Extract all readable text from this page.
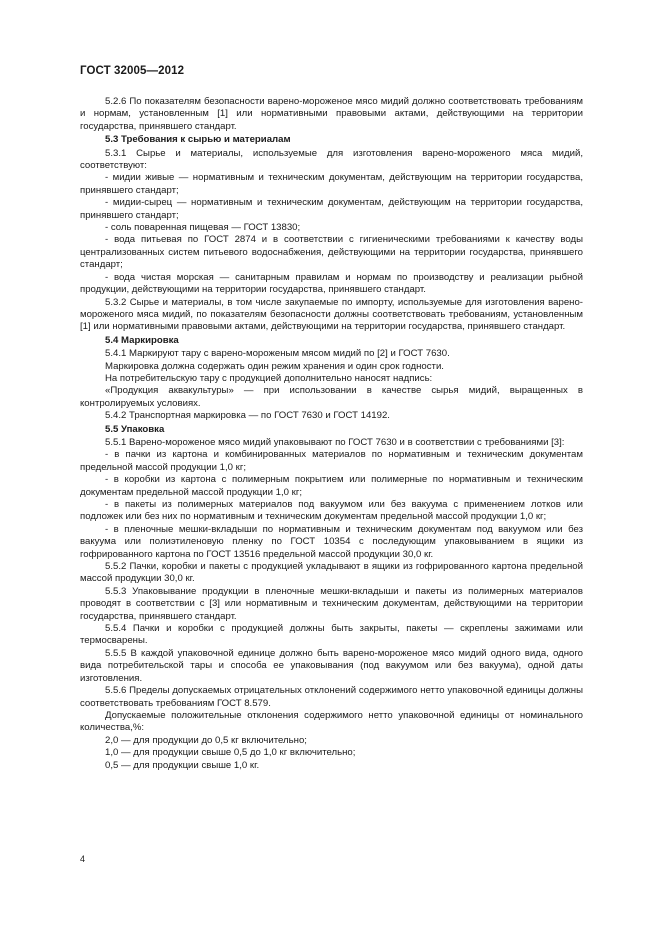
ГОСТ 32005—2012

5.2.6 По показателям безопасности варено-мороженое мясо мидий должно соответствовать требованиям и нормам, установленным [1] или нормативными правовыми актами, действующими на территории государства, принявшего стандарт.

5.3 Требования к сырью и материалам

5.3.1 Сырье и материалы, используемые для изготовления варено-мороженого мяса мидий, соответствуют:

- мидии живые — нормативным и техническим документам, действующим на территории государства, принявшего стандарт;

- мидии-сырец — нормативным и техническим документам, действующим на территории государства, принявшего стандарт;

- соль поваренная пищевая — ГОСТ 13830;

- вода питьевая по ГОСТ 2874 и в соответствии с гигиеническими требованиями к качеству воды централизованных систем питьевого водоснабжения, действующими на территории государства, принявшего стандарт;

- вода чистая морская — санитарным правилам и нормам по производству и реализации рыбной продукции, действующими на территории государства, принявшего стандарт.

5.3.2 Сырье и материалы, в том числе закупаемые по импорту, используемые для изготовления варено-мороженого мяса мидий, по показателям безопасности должны соответствовать требованиям, установленным [1] или нормативными правовыми актами, действующими на территории государства, принявшего стандарт.

5.4 Маркировка

5.4.1 Маркируют тару с варено-мороженым мясом мидий по [2] и ГОСТ 7630.

Маркировка должна содержать один режим хранения и один срок годности.

На потребительскую тару с продукцией дополнительно наносят надпись:

«Продукция аквакультуры» — при использовании в качестве сырья мидий, выращенных в контролируемых условиях.

5.4.2 Транспортная маркировка — по ГОСТ 7630 и ГОСТ 14192.

5.5 Упаковка

5.5.1 Варено-мороженое мясо мидий упаковывают по ГОСТ 7630 и в соответствии с требованиями [3]:

- в пачки из картона и комбинированных материалов по нормативным и техническим документам предельной массой продукции 1,0 кг;

- в коробки из картона с полимерным покрытием или полимерные по нормативным и техническим документам предельной массой продукции 1,0 кг;

- в пакеты из полимерных материалов под вакуумом или без вакуума с применением лотков или подложек или без них по нормативным и техническим документам предельной массой продукции 1,0 кг;

- в пленочные мешки-вкладыши по нормативным и техническим документам под вакуумом или без вакуума или полиэтиленовую пленку по ГОСТ 10354 с последующим упаковыванием в ящики из гофрированного картона по ГОСТ 13516 предельной массой продукции 30,0 кг.

5.5.2 Пачки, коробки и пакеты с продукцией укладывают в ящики из гофрированного картона предельной массой продукции 30,0 кг.

5.5.3 Упаковывание продукции в пленочные мешки-вкладыши и пакеты из полимерных материалов проводят в соответствии с [3] или нормативным и техническим документам, действующими на территории государства, принявшего стандарт.

5.5.4 Пачки и коробки с продукцией должны быть закрыты, пакеты — скреплены зажимами или термосварены.

5.5.5 В каждой упаковочной единице должно быть варено-мороженое мясо мидий одного вида, одного вида потребительской тары и способа ее упаковывания (под вакуумом или без вакуума), одной даты изготовления.

5.5.6 Пределы допускаемых отрицательных отклонений содержимого нетто упаковочной единицы должны соответствовать требованиям ГОСТ 8.579.

Допускаемые положительные отклонения содержимого нетто упаковочной единицы от номинального количества,%:

2,0 — для продукции до 0,5 кг включительно;

1,0 — для продукции свыше 0,5 до 1,0 кг включительно;

0,5 — для продукции свыше 1,0 кг.

4
